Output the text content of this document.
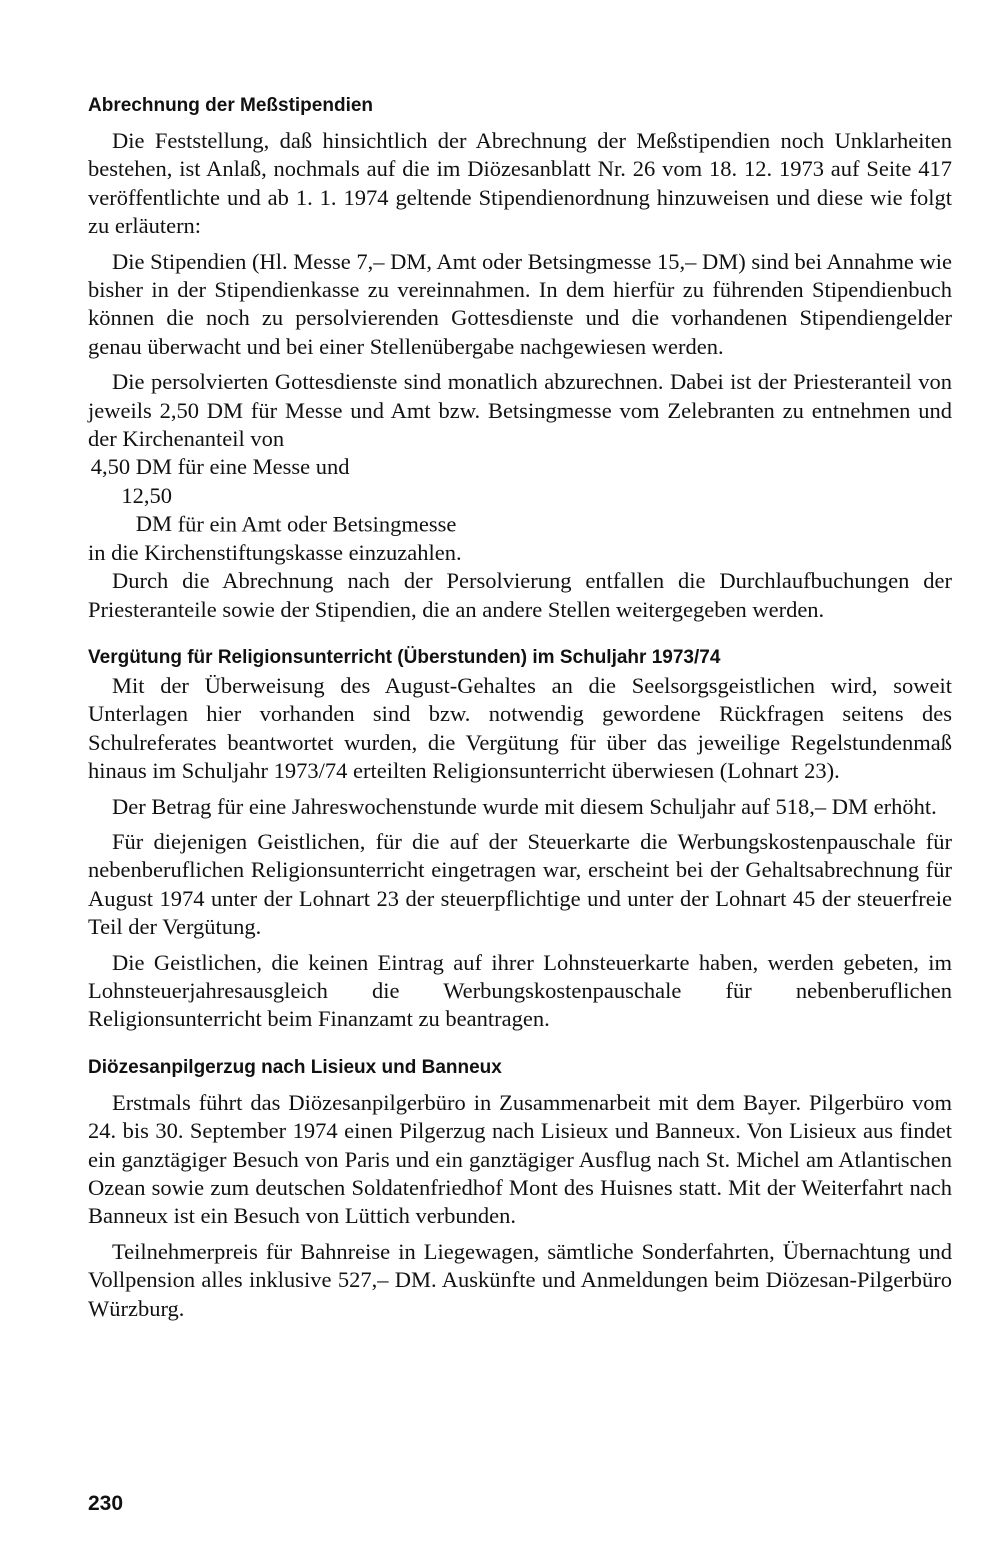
Abrechnung der Meßstipendien

Die Feststellung, daß hinsichtlich der Abrechnung der Meßstipendien noch Unklarheiten bestehen, ist Anlaß, nochmals auf die im Diözesanblatt Nr. 26 vom 18. 12. 1973 auf Seite 417 veröffentlichte und ab 1. 1. 1974 geltende Stipendienordnung hinzuweisen und diese wie folgt zu erläutern:

Die Stipendien (Hl. Messe 7,– DM, Amt oder Betsingmesse 15,– DM) sind bei Annahme wie bisher in der Stipendienkasse zu vereinnahmen. In dem hierfür zu führenden Stipendienbuch können die noch zu persolvierenden Gottesdienste und die vorhandenen Stipendiengelder genau überwacht und bei einer Stellenübergabe nachgewiesen werden.

Die persolvierten Gottesdienste sind monatlich abzurechnen. Dabei ist der Priesteranteil von jeweils 2,50 DM für Messe und Amt bzw. Betsingmesse vom Zelebranten zu entnehmen und der Kirchenanteil von

4,50 DM für eine Messe und
12,50 DM für ein Amt oder Betsingmesse

in die Kirchenstiftungskasse einzuzahlen.

Durch die Abrechnung nach der Persolvierung entfallen die Durchlaufbuchungen der Priesteranteile sowie der Stipendien, die an andere Stellen weitergegeben werden.

Vergütung für Religionsunterricht (Überstunden) im Schuljahr 1973/74

Mit der Überweisung des August-Gehaltes an die Seelsorgsgeistlichen wird, soweit Unterlagen hier vorhanden sind bzw. notwendig gewordene Rückfragen seitens des Schulreferates beantwortet wurden, die Vergütung für über das jeweilige Regelstundenmaß hinaus im Schuljahr 1973/74 erteilten Religionsunterricht überwiesen (Lohnart 23).

Der Betrag für eine Jahreswochenstunde wurde mit diesem Schuljahr auf 518,– DM erhöht.

Für diejenigen Geistlichen, für die auf der Steuerkarte die Werbungskostenpauschale für nebenberuflichen Religionsunterricht eingetragen war, erscheint bei der Gehaltsabrechnung für August 1974 unter der Lohnart 23 der steuerpflichtige und unter der Lohnart 45 der steuerfreie Teil der Vergütung.

Die Geistlichen, die keinen Eintrag auf ihrer Lohnsteuerkarte haben, werden gebeten, im Lohnsteuerjahresausgleich die Werbungskostenpauschale für nebenberuflichen Religionsunterricht beim Finanzamt zu beantragen.

Diözesanpilgerzug nach Lisieux und Banneux

Erstmals führt das Diözesanpilgerbüro in Zusammenarbeit mit dem Bayer. Pilgerbüro vom 24. bis 30. September 1974 einen Pilgerzug nach Lisieux und Banneux. Von Lisieux aus findet ein ganztägiger Besuch von Paris und ein ganztägiger Ausflug nach St. Michel am Atlantischen Ozean sowie zum deutschen Soldatenfriedhof Mont des Huisnes statt. Mit der Weiterfahrt nach Banneux ist ein Besuch von Lüttich verbunden.

Teilnehmerpreis für Bahnreise in Liegewagen, sämtliche Sonderfahrten, Übernachtung und Vollpension alles inklusive 527,– DM. Auskünfte und Anmeldungen beim Diözesan-Pilgerbüro Würzburg.

230
